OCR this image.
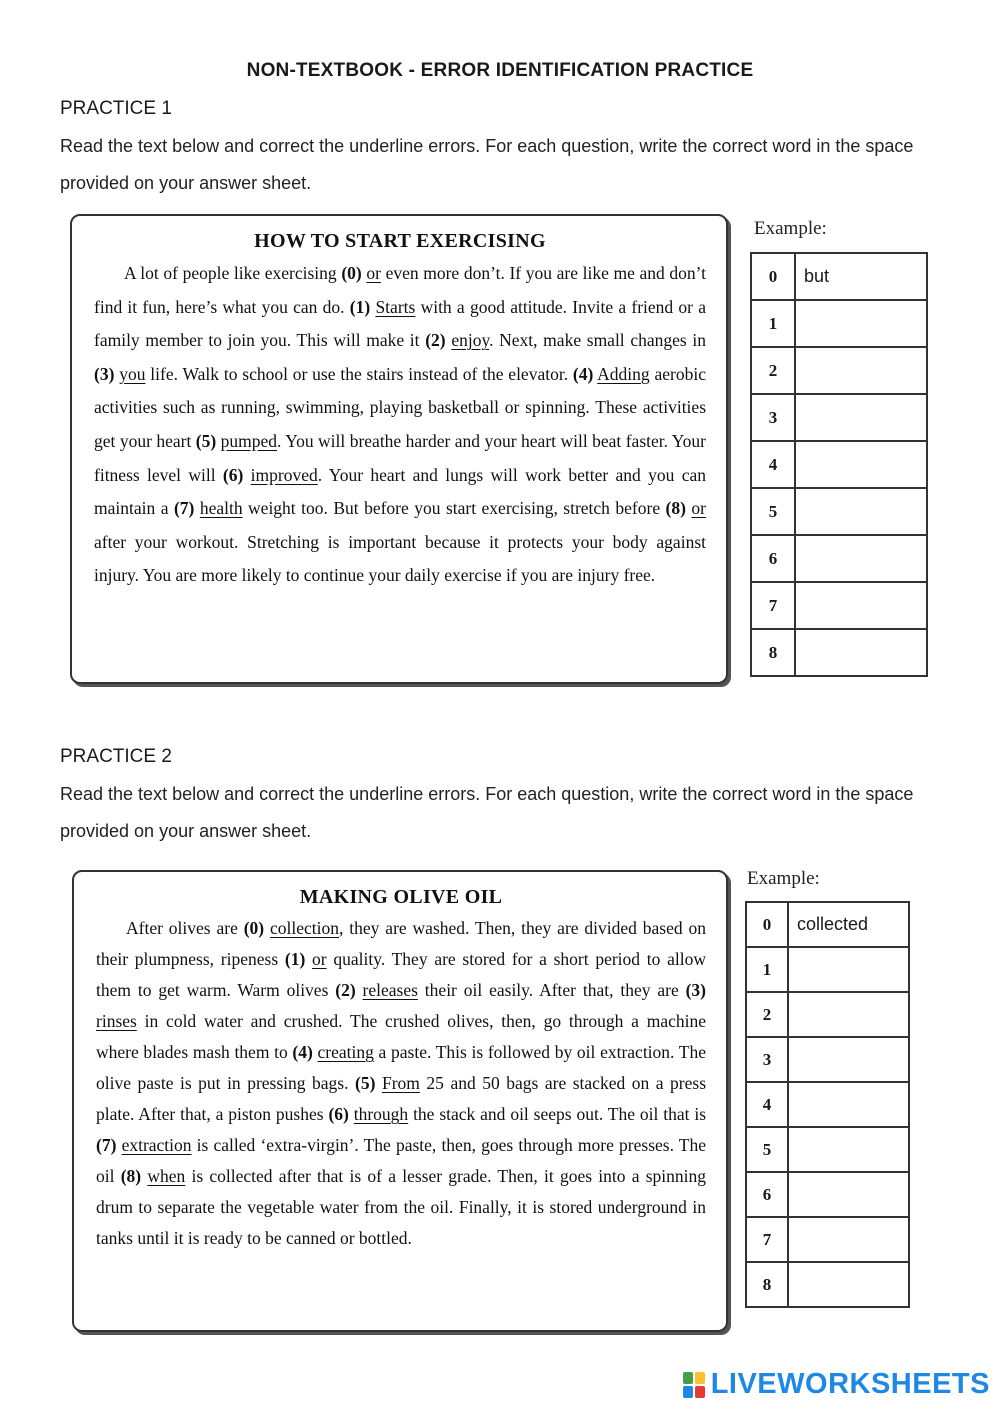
NON-TEXTBOOK - ERROR IDENTIFICATION PRACTICE
PRACTICE 1

Read the text below and correct the underline errors. For each question, write the correct word in the space provided on your answer sheet.

HOW TO START EXERCISING

A lot of people like exercising (0) or even more don’t. If you are like me and don’t find it fun, here’s what you can do. (1) Starts with a good attitude. Invite a friend or a family member to join you. This will make it (2) enjoy. Next, make small changes in (3) you life. Walk to school or use the stairs instead of the elevator. (4) Adding aerobic activities such as running, swimming, playing basketball or spinning. These activities get your heart (5) pumped. You will breathe harder and your heart will beat faster. Your fitness level will (6) improved. Your heart and lungs will work better and you can maintain a (7) health weight too. But before you start exercising, stretch before (8) or after your workout. Stretching is important because it protects your body against injury. You are more likely to continue your daily exercise if you are injury free.

Example:

0	but
1	
2	
3	
4	
5	
6	
7	
8	
PRACTICE 2

Read the text below and correct the underline errors. For each question, write the correct word in the space provided on your answer sheet.

MAKING OLIVE OIL

After olives are (0) collection, they are washed. Then, they are divided based on their plumpness, ripeness (1) or quality. They are stored for a short period to allow them to get warm. Warm olives (2) releases their oil easily. After that, they are (3) rinses in cold water and crushed. The crushed olives, then, go through a machine where blades mash them to (4) creating a paste. This is followed by oil extraction. The olive paste is put in pressing bags. (5) From 25 and 50 bags are stacked on a press plate. After that, a piston pushes (6) through the stack and oil seeps out. The oil that is (7) extraction is called ‘extra-virgin’. The paste, then, goes through more presses. The oil (8) when is collected after that is of a lesser grade. Then, it goes into a spinning drum to separate the vegetable water from the oil. Finally, it is stored underground in tanks until it is ready to be canned or bottled.

Example:

0	collected
1	
2	
3	
4	
5	
6	
7	
8	

LIVEWORKSHEETS
